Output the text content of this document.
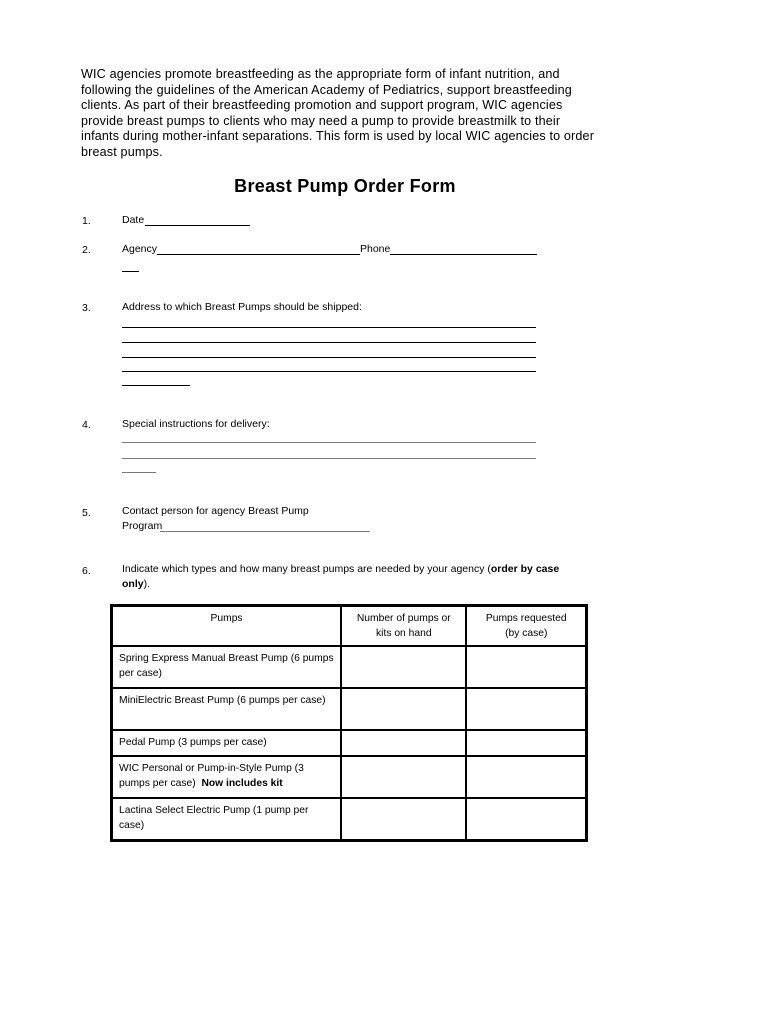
WIC agencies promote breastfeeding as the appropriate form of infant nutrition, and following the guidelines of the American Academy of Pediatrics, support breastfeeding clients. As part of their breastfeeding promotion and support program, WIC agencies provide breast pumps to clients who may need a pump to provide breastmilk to their infants during mother-infant separations. This form is used by local WIC agencies to order breast pumps.
Breast Pump Order Form
1.	Date
2.	Agency	Phone
3.	Address to which Breast Pumps should be shipped:
4.	Special instructions for delivery:
5.	Contact person for agency Breast Pump
Program
6.	Indicate which types and how many breast pumps are needed by your agency (order by case only).
Pumps	Number of pumps or kits on hand	Pumps requested (by case)
Spring Express Manual Breast Pump (6 pumps per case)		
MiniElectric Breast Pump (6 pumps per case)		
Pedal Pump (3 pumps per case)		
WIC Personal or Pump-in-Style Pump (3 pumps per case) Now includes kit		
Lactina Select Electric Pump (1 pump per case)		
